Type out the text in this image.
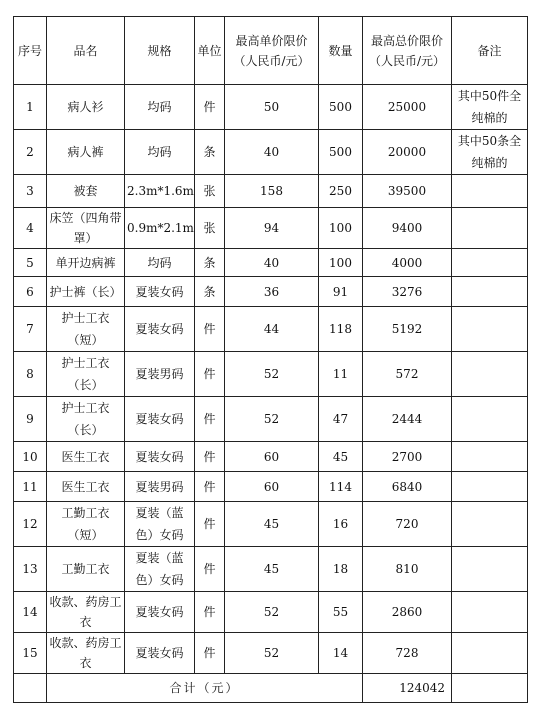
序号	品名	规格	单位	最高单价限价（人民币/元）	数量	最高总价限价（人民币/元）	备注
1	病人衫	均码	件	50	500	25000	其中50件全纯棉的
2	病人裤	均码	条	40	500	20000	其中50条全纯棉的
3	被套	2.3m*1.6m	张	158	250	39500	
4	床笠（四角带罩）	0.9m*2.1m	张	94	100	9400	
5	单开边病裤	均码	条	40	100	4000	
6	护士裤（长）	夏装女码	条	36	91	3276	
7	护士工衣（短）	夏装女码	件	44	118	5192	
8	护士工衣（长）	夏装男码	件	52	11	572	
9	护士工衣（长）	夏装女码	件	52	47	2444	
10	医生工衣	夏装女码	件	60	45	2700	
11	医生工衣	夏装男码	件	60	114	6840	
12	工勤工衣（短）	夏装（蓝色）女码	件	45	16	720	
13	工勤工衣	夏装（蓝色）女码	件	45	18	810	
14	收款、药房工衣	夏装女码	件	52	55	2860	
15	收款、药房工衣	夏装女码	件	52	14	728	
	合计（元）					124042	
